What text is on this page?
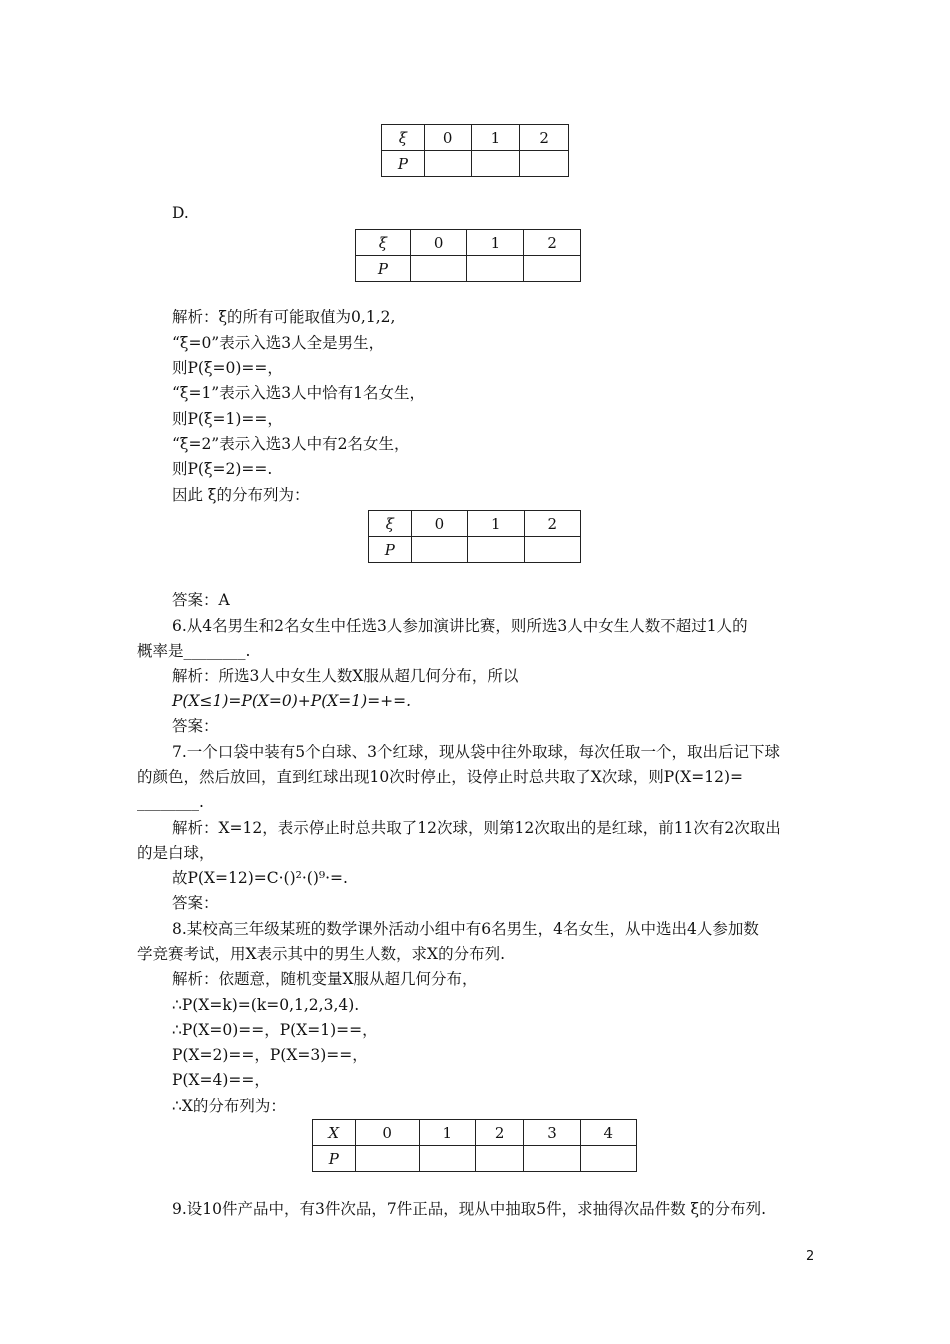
ξ	0	1	2
P			
D.
ξ	0	1	2
P			
解析：ξ的所有可能取值为0,1,2,
“ξ=0”表示入选3人全是男生，
则P(ξ=0)==，
“ξ=1”表示入选3人中恰有1名女生，
则P(ξ=1)==，
“ξ=2”表示入选3人中有2名女生，
则P(ξ=2)==.
因此 ξ的分布列为：
ξ	0	1	2
P			
答案：A
6.从4名男生和2名女生中任选3人参加演讲比赛，则所选3人中女生人数不超过1人的
概率是________.
解析：所选3人中女生人数X服从超几何分布，所以
P(X≤1)=P(X=0)+P(X=1)=+=.
答案：
7.一个口袋中装有5个白球、3个红球，现从袋中往外取球，每次任取一个，取出后记下球
的颜色，然后放回，直到红球出现10次时停止，设停止时总共取了X次球，则P(X=12)=
________.
解析：X=12，表示停止时总共取了12次球，则第12次取出的是红球，前11次有2次取出
的是白球，
故P(X=12)=C·()²·()⁹·=.
答案：
8.某校高三年级某班的数学课外活动小组中有6名男生，4名女生，从中选出4人参加数
学竞赛考试，用X表示其中的男生人数，求X的分布列.
解析：依题意，随机变量X服从超几何分布，
∴P(X=k)=(k=0,1,2,3,4).
∴P(X=0)==，P(X=1)==，
P(X=2)==，P(X=3)==，
P(X=4)==，
∴X的分布列为：
X	0	1	2	3	4
P					
9.设10件产品中，有3件次品，7件正品，现从中抽取5件，求抽得次品件数 ξ的分布列.
2
